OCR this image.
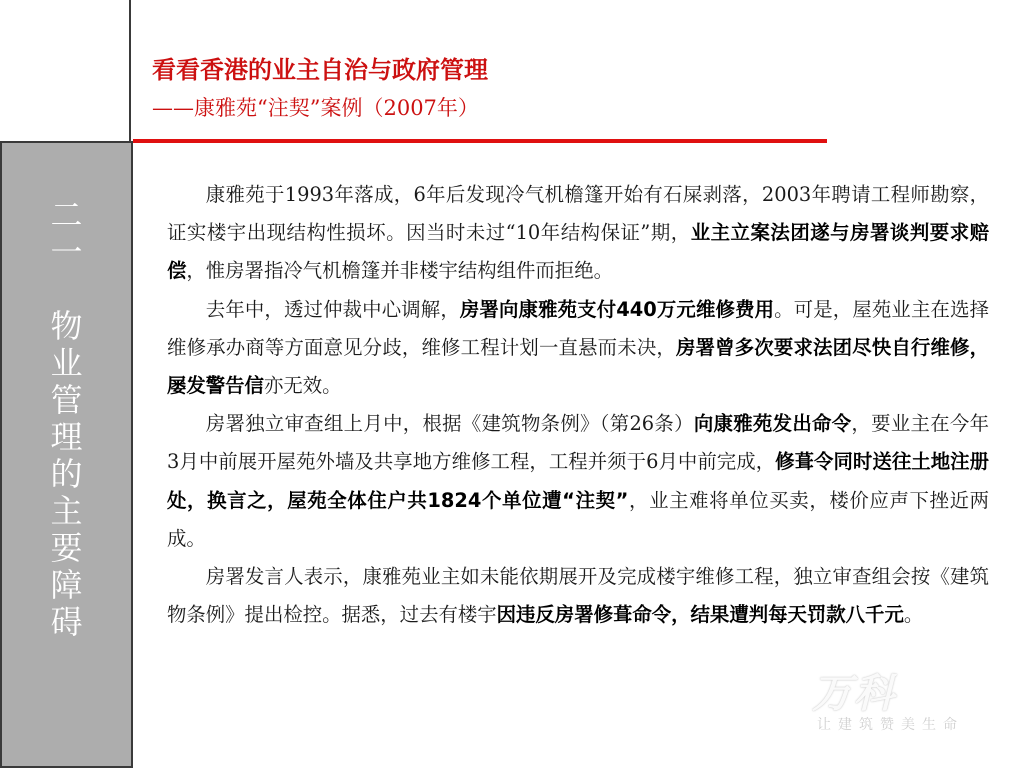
二
一

物
业
管
理
的
主
要
障
碍
看看香港的业主自治与政府管理
——康雅苑“注契”案例（2007年）

康雅苑于1993年落成，6年后发现冷气机檐篷开始有石屎剥落，2003年聘请工程师勘察，证实楼宇出现结构性损坏。因当时未过“10年结构保证”期，业主立案法团遂与房署谈判要求赔偿，惟房署指冷气机檐篷并非楼宇结构组件而拒绝。

去年中，透过仲裁中心调解，房署向康雅苑支付440万元维修费用。可是，屋苑业主在选择维修承办商等方面意见分歧，维修工程计划一直悬而未决，房署曾多次要求法团尽快自行维修，屡发警告信亦无效。

房署独立审查组上月中，根据《建筑物条例》（第26条）向康雅苑发出命令，要业主在今年3月中前展开屋苑外墙及共享地方维修工程，工程并须于6月中前完成，修葺令同时送往土地注册处，换言之，屋苑全体住户共1824个单位遭“注契”，业主难将单位买卖，楼价应声下挫近两成。

房署发言人表示，康雅苑业主如未能依期展开及完成楼宇维修工程，独立审查组会按《建筑物条例》提出检控。据悉，过去有楼宇因违反房署修葺命令，结果遭判每天罚款八千元。

万科
让建筑赞美生命
